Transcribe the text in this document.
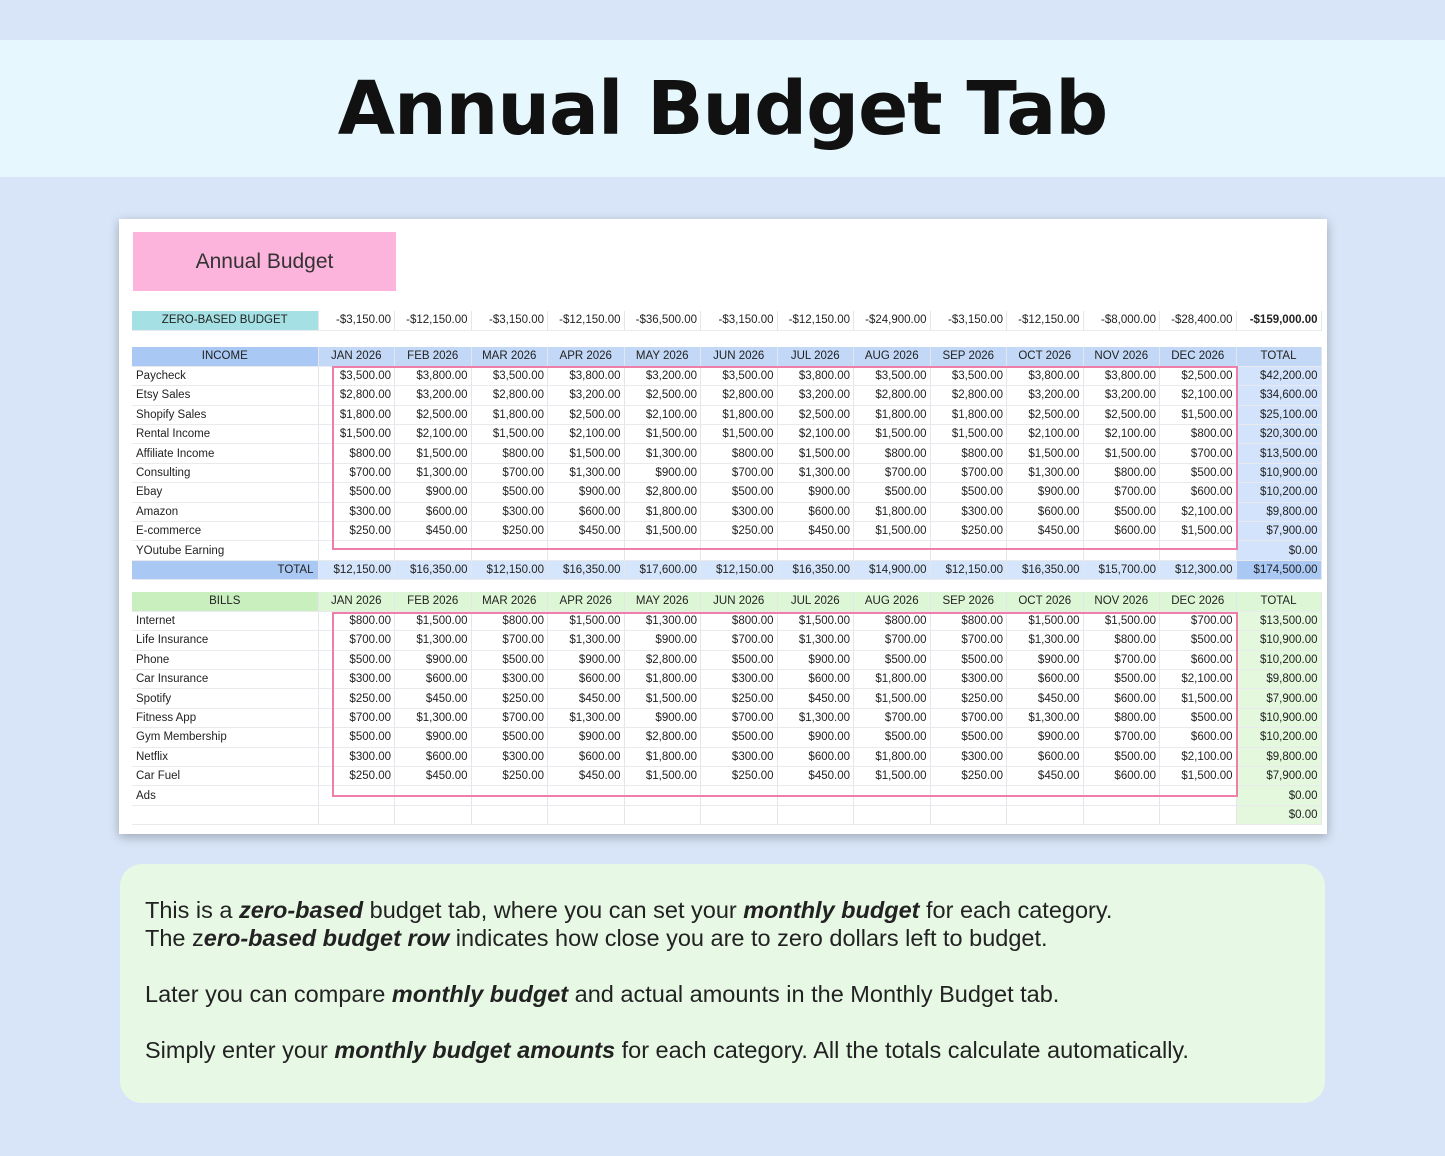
Annual Budget Tab
Annual Budget
ZERO-BASED BUDGET	-$3,150.00	-$12,150.00	-$3,150.00	-$12,150.00	-$36,500.00	-$3,150.00	-$12,150.00	-$24,900.00	-$3,150.00	-$12,150.00	-$8,000.00	-$28,400.00	-$159,000.00
INCOME	JAN 2026	FEB 2026	MAR 2026	APR 2026	MAY 2026	JUN 2026	JUL 2026	AUG 2026	SEP 2026	OCT 2026	NOV 2026	DEC 2026	TOTAL
Paycheck	$3,500.00	$3,800.00	$3,500.00	$3,800.00	$3,200.00	$3,500.00	$3,800.00	$3,500.00	$3,500.00	$3,800.00	$3,800.00	$2,500.00	$42,200.00
Etsy Sales	$2,800.00	$3,200.00	$2,800.00	$3,200.00	$2,500.00	$2,800.00	$3,200.00	$2,800.00	$2,800.00	$3,200.00	$3,200.00	$2,100.00	$34,600.00
Shopify Sales	$1,800.00	$2,500.00	$1,800.00	$2,500.00	$2,100.00	$1,800.00	$2,500.00	$1,800.00	$1,800.00	$2,500.00	$2,500.00	$1,500.00	$25,100.00
Rental Income	$1,500.00	$2,100.00	$1,500.00	$2,100.00	$1,500.00	$1,500.00	$2,100.00	$1,500.00	$1,500.00	$2,100.00	$2,100.00	$800.00	$20,300.00
Affiliate Income	$800.00	$1,500.00	$800.00	$1,500.00	$1,300.00	$800.00	$1,500.00	$800.00	$800.00	$1,500.00	$1,500.00	$700.00	$13,500.00
Consulting	$700.00	$1,300.00	$700.00	$1,300.00	$900.00	$700.00	$1,300.00	$700.00	$700.00	$1,300.00	$800.00	$500.00	$10,900.00
Ebay	$500.00	$900.00	$500.00	$900.00	$2,800.00	$500.00	$900.00	$500.00	$500.00	$900.00	$700.00	$600.00	$10,200.00
Amazon	$300.00	$600.00	$300.00	$600.00	$1,800.00	$300.00	$600.00	$1,800.00	$300.00	$600.00	$500.00	$2,100.00	$9,800.00
E-commerce	$250.00	$450.00	$250.00	$450.00	$1,500.00	$250.00	$450.00	$1,500.00	$250.00	$450.00	$600.00	$1,500.00	$7,900.00
YOutube Earning													$0.00
TOTAL	$12,150.00	$16,350.00	$12,150.00	$16,350.00	$17,600.00	$12,150.00	$16,350.00	$14,900.00	$12,150.00	$16,350.00	$15,700.00	$12,300.00	$174,500.00
BILLS	JAN 2026	FEB 2026	MAR 2026	APR 2026	MAY 2026	JUN 2026	JUL 2026	AUG 2026	SEP 2026	OCT 2026	NOV 2026	DEC 2026	TOTAL
Internet	$800.00	$1,500.00	$800.00	$1,500.00	$1,300.00	$800.00	$1,500.00	$800.00	$800.00	$1,500.00	$1,500.00	$700.00	$13,500.00
Life Insurance	$700.00	$1,300.00	$700.00	$1,300.00	$900.00	$700.00	$1,300.00	$700.00	$700.00	$1,300.00	$800.00	$500.00	$10,900.00
Phone	$500.00	$900.00	$500.00	$900.00	$2,800.00	$500.00	$900.00	$500.00	$500.00	$900.00	$700.00	$600.00	$10,200.00
Car Insurance	$300.00	$600.00	$300.00	$600.00	$1,800.00	$300.00	$600.00	$1,800.00	$300.00	$600.00	$500.00	$2,100.00	$9,800.00
Spotify	$250.00	$450.00	$250.00	$450.00	$1,500.00	$250.00	$450.00	$1,500.00	$250.00	$450.00	$600.00	$1,500.00	$7,900.00
Fitness App	$700.00	$1,300.00	$700.00	$1,300.00	$900.00	$700.00	$1,300.00	$700.00	$700.00	$1,300.00	$800.00	$500.00	$10,900.00
Gym Membership	$500.00	$900.00	$500.00	$900.00	$2,800.00	$500.00	$900.00	$500.00	$500.00	$900.00	$700.00	$600.00	$10,200.00
Netflix	$300.00	$600.00	$300.00	$600.00	$1,800.00	$300.00	$600.00	$1,800.00	$300.00	$600.00	$500.00	$2,100.00	$9,800.00
Car Fuel	$250.00	$450.00	$250.00	$450.00	$1,500.00	$250.00	$450.00	$1,500.00	$250.00	$450.00	$600.00	$1,500.00	$7,900.00
Ads													$0.00
													$0.00

This is a zero-based budget tab, where you can set your monthly budget for each category.

The zero-based budget row indicates how close you are to zero dollars left to budget.

Later you can compare monthly budget and actual amounts in the Monthly Budget tab.

Simply enter your monthly budget amounts for each category. All the totals calculate automatically.
